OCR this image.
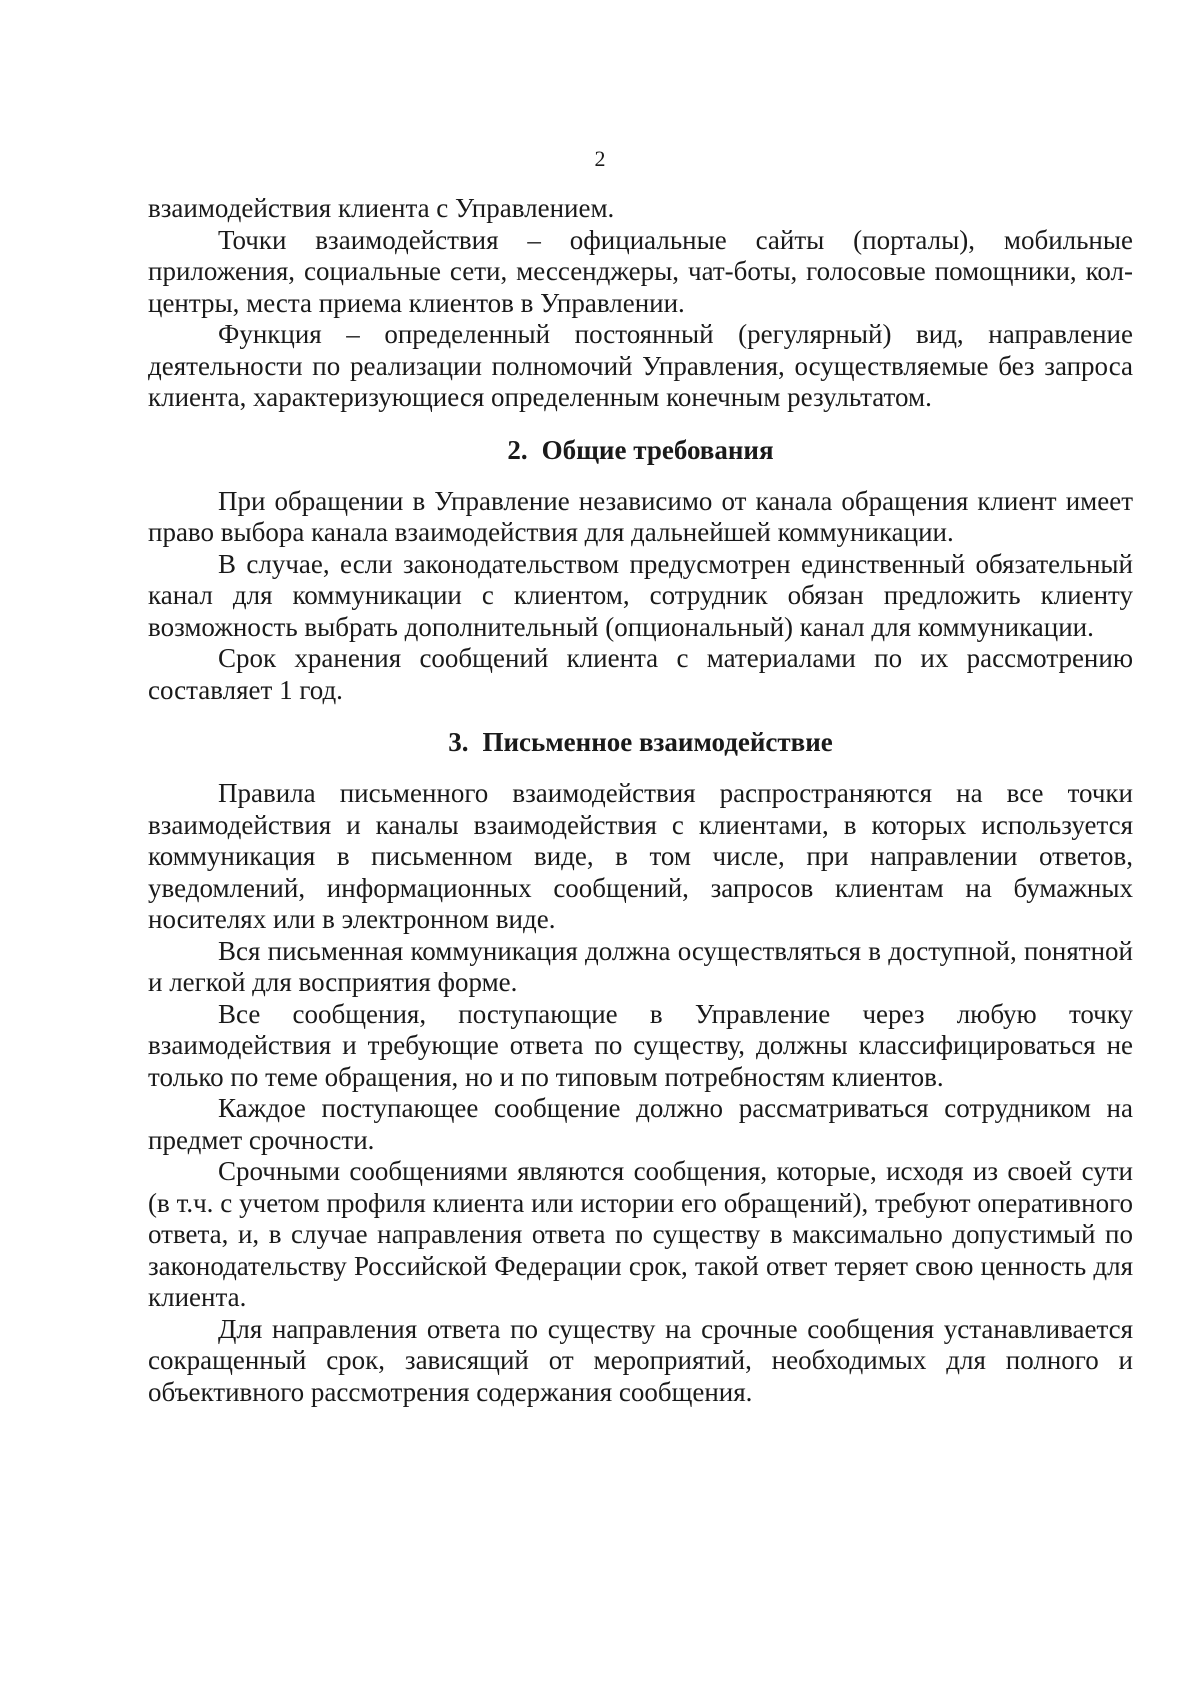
2

взаимодействия клиента с Управлением.

Точки взаимодействия – официальные сайты (порталы), мобильные приложения, социальные сети, мессенджеры, чат-боты, голосовые помощники, кол-центры, места приема клиентов в Управлении.

Функция – определенный постоянный (регулярный) вид, направление деятельности по реализации полномочий Управления, осуществляемые без запроса клиента, характеризующиеся определенным конечным результатом.

2. Общие требования

При обращении в Управление независимо от канала обращения клиент имеет право выбора канала взаимодействия для дальнейшей коммуникации.

В случае, если законодательством предусмотрен единственный обязательный канал для коммуникации с клиентом, сотрудник обязан предложить клиенту возможность выбрать дополнительный (опциональный) канал для коммуникации.

Срок хранения сообщений клиента с материалами по их рассмотрению составляет 1 год.

3. Письменное взаимодействие

Правила письменного взаимодействия распространяются на все точки взаимодействия и каналы взаимодействия с клиентами, в которых используется коммуникация в письменном виде, в том числе, при направлении ответов, уведомлений, информационных сообщений, запросов клиентам на бумажных носителях или в электронном виде.

Вся письменная коммуникация должна осуществляться в доступной, понятной и легкой для восприятия форме.

Все сообщения, поступающие в Управление через любую точку взаимодействия и требующие ответа по существу, должны классифицироваться не только по теме обращения, но и по типовым потребностям клиентов.

Каждое поступающее сообщение должно рассматриваться сотрудником на предмет срочности.

Срочными сообщениями являются сообщения, которые, исходя из своей сути (в т.ч. с учетом профиля клиента или истории его обращений), требуют оперативного ответа, и, в случае направления ответа по существу в максимально допустимый по законодательству Российской Федерации срок, такой ответ теряет свою ценность для клиента.

Для направления ответа по существу на срочные сообщения устанавливается сокращенный срок, зависящий от мероприятий, необходимых для полного и объективного рассмотрения содержания сообщения.
